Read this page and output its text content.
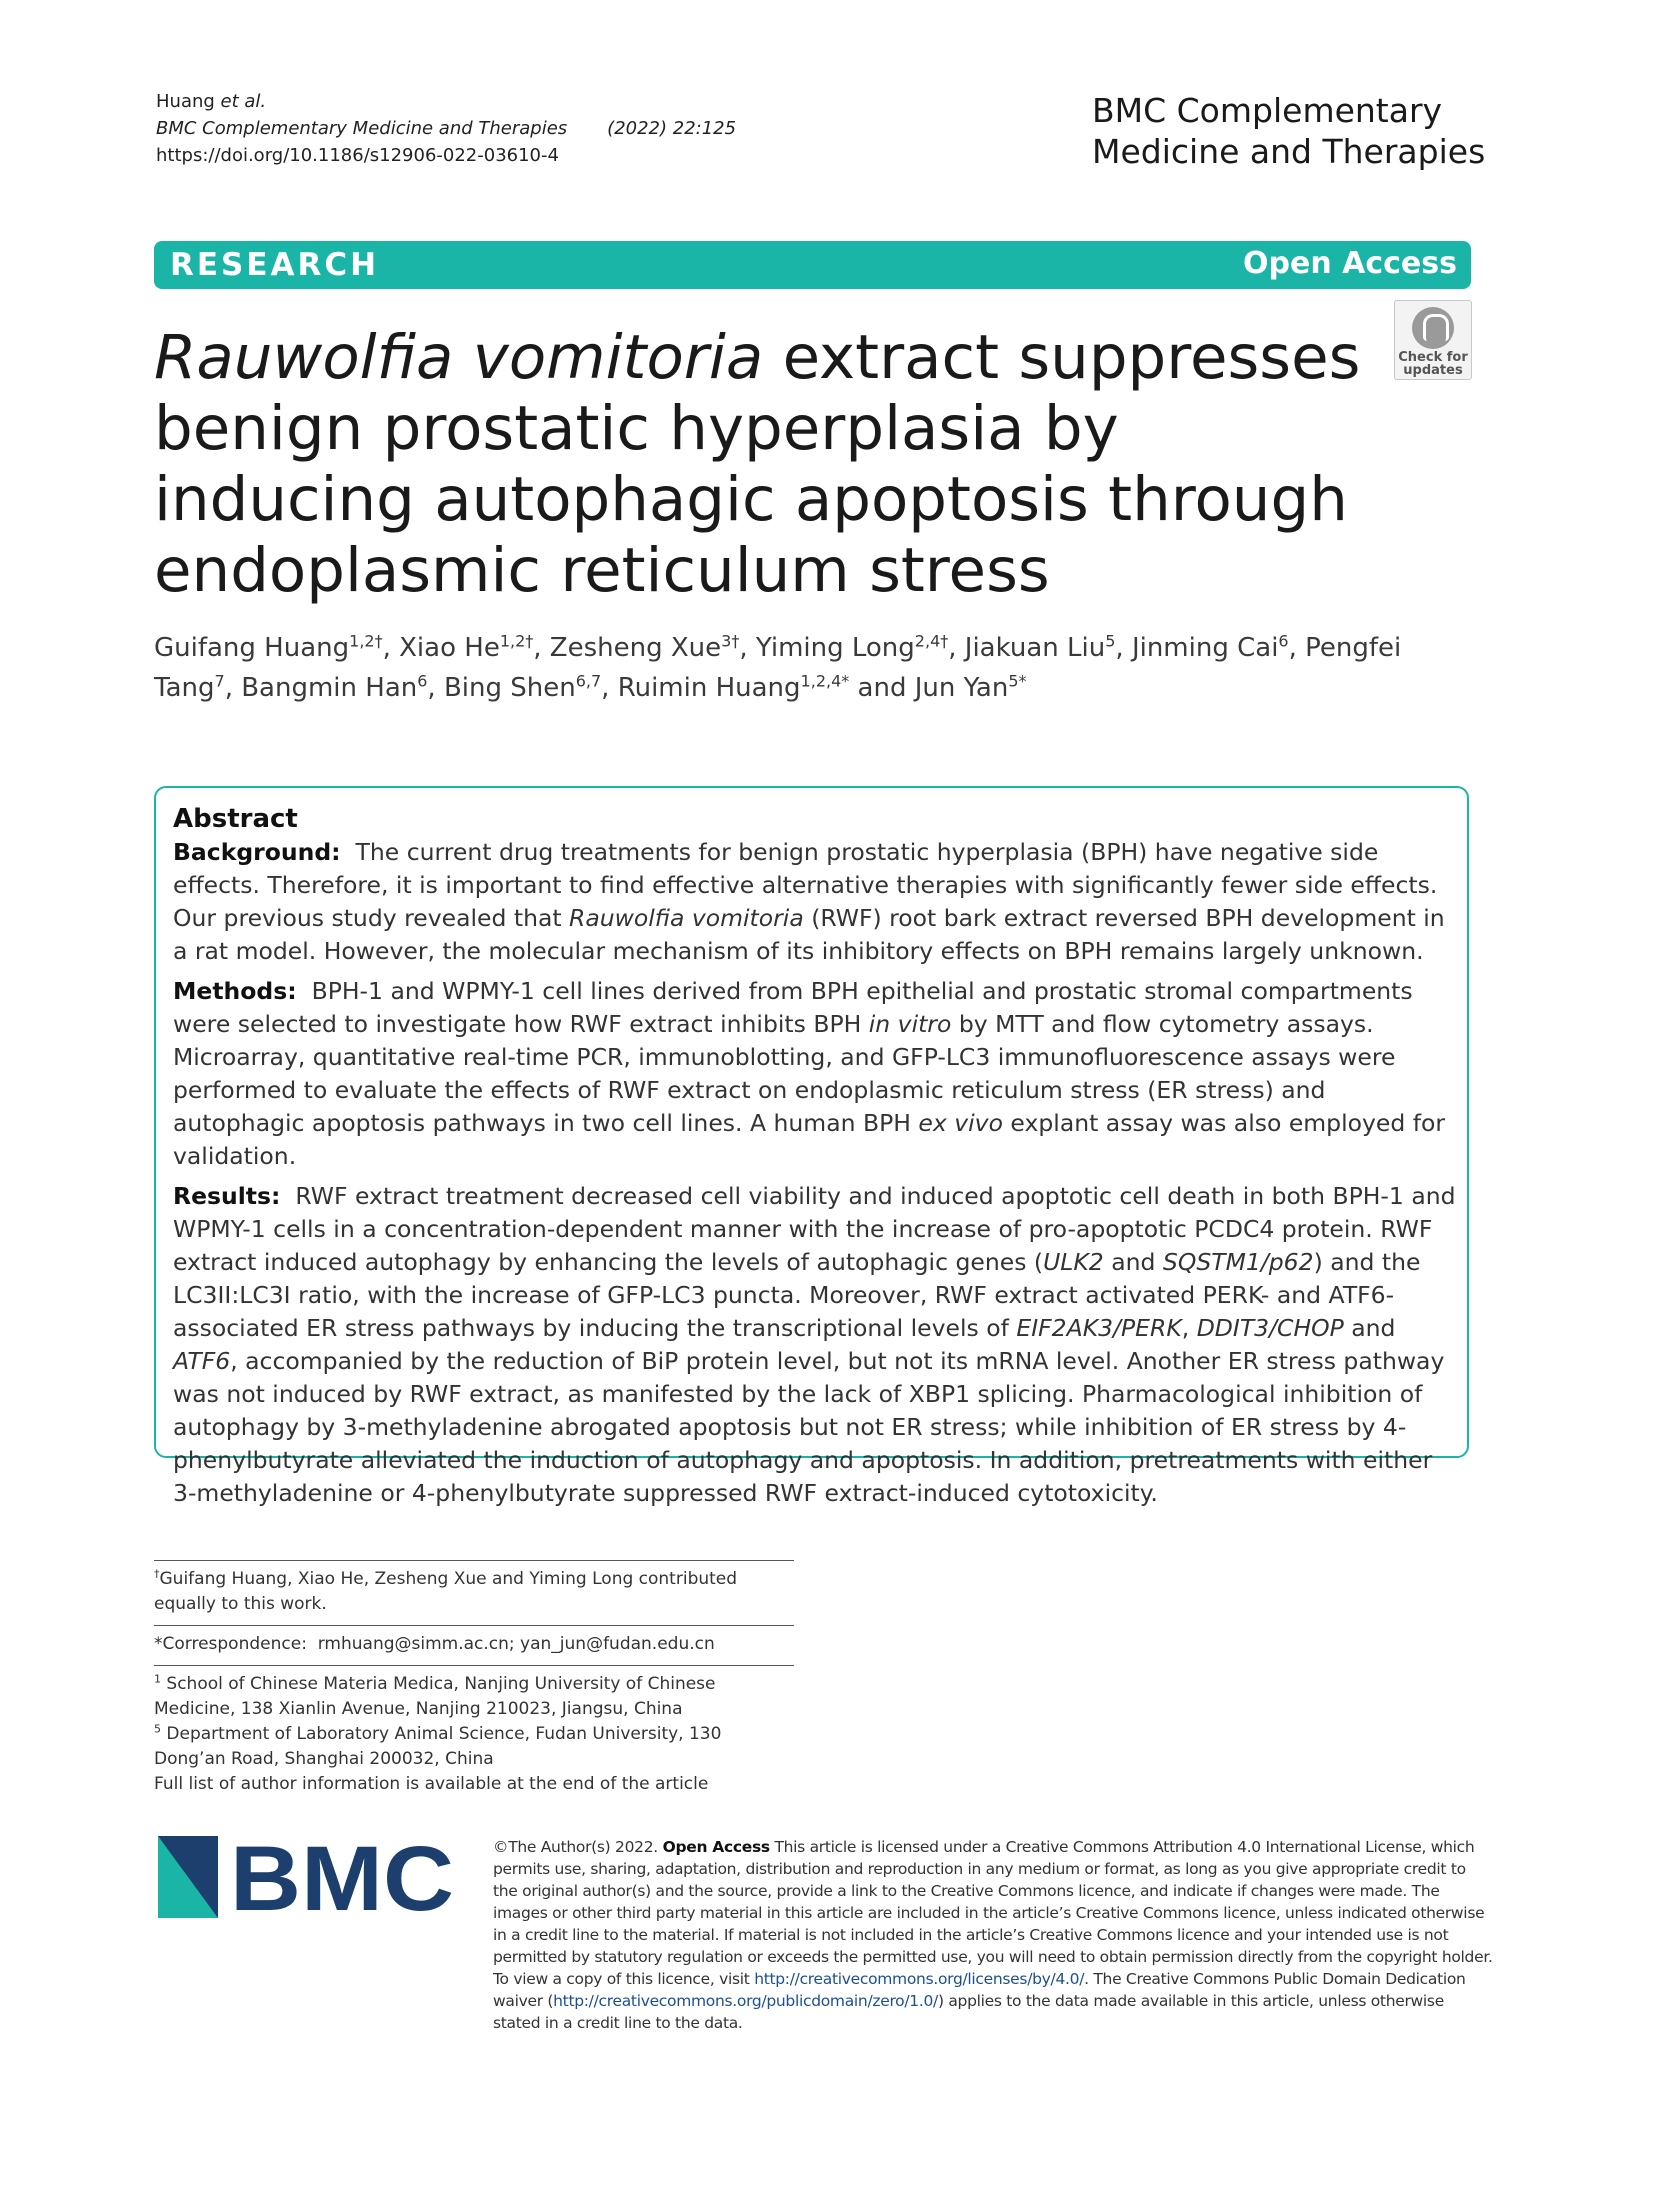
Huang et al.
BMC Complementary Medicine and Therapies (2022) 22:125
https://doi.org/10.1186/s12906-022-03610-4
BMC Complementary
Medicine and Therapies
RESEARCH	Open Access
Check for
updates
Rauwolfia vomitoria extract suppresses benign prostatic hyperplasia by inducing autophagic apoptosis through endoplasmic reticulum stress
Guifang Huang$^{1,2\dagger}$, Xiao $He^{1,2\dagger}$, Zesheng Xue$^{3\dagger}$, Yiming Long$^{2,4\dagger}$, Jiakuan Liu$^5$, Jinming Cai$^6$, Pengfei Tang$^7$, Bangmin Han$^6$, Bing Shen$^{6,7}$, Ruimin Huang$^{1,2,4*}$ and Jun Yan$^{5*}$
Abstract

Background: The current drug treatments for benign prostatic hyperplasia (BPH) have negative side effects. Therefore, it is important to find effective alternative therapies with significantly fewer side effects. Our previous study revealed that Rauwolfia vomitoria (RWF) root bark extract reversed BPH development in a rat model. However, the molecular mechanism of its inhibitory effects on BPH remains largely unknown.

Methods: BPH-1 and WPMY-1 cell lines derived from BPH epithelial and prostatic stromal compartments were selected to investigate how RWF extract inhibits BPH in vitro by MTT and flow cytometry assays. Microarray, quantitative real-time PCR, immunoblotting, and GFP-LC3 immunofluorescence assays were performed to evaluate the effects of RWF extract on endoplasmic reticulum stress (ER stress) and autophagic apoptosis pathways in two cell lines. A human BPH ex vivo explant assay was also employed for validation.

Results: RWF extract treatment decreased cell viability and induced apoptotic cell death in both BPH-1 and WPMY-1 cells in a concentration-dependent manner with the increase of pro-apoptotic PCDC4 protein. RWF extract induced autophagy by enhancing the levels of autophagic genes (ULK2 and SQSTM1/p62) and the LC3II:LC3I ratio, with the increase of GFP-LC3 puncta. Moreover, RWF extract activated PERK- and ATF6-associated ER stress pathways by inducing the transcriptional levels of EIF2AK3/PERK, DDIT3/CHOP and ATF6, accompanied by the reduction of BiP protein level, but not its mRNA level. Another ER stress pathway was not induced by RWF extract, as manifested by the lack of XBP1 splicing. Pharmacological inhibition of autophagy by 3-methyladenine abrogated apoptosis but not ER stress; while inhibition of ER stress by 4-phenylbutyrate alleviated the induction of autophagy and apoptosis. In addition, pretreatments with either 3-methyladenine or 4-phenylbutyrate suppressed RWF extract-induced cytotoxicity.

†Guifang Huang, Xiao He, Zesheng Xue and Yiming Long contributed equally to this work.
*Correspondence: rmhuang@simm.ac.cn; yan_jun@fudan.edu.cn
$^1$ School of Chinese Materia Medica, Nanjing University of Chinese Medicine, 138 Xianlin Avenue, Nanjing 210023, Jiangsu, China
$^5$ Department of Laboratory Animal Science, Fudan University, 130 Dong’an Road, Shanghai 200032, China
Full list of author information is available at the end of the article
BMC	©The Author(s) 2022. Open Access This article is licensed under a Creative Commons Attribution 4.0 International License, which permits use, sharing, adaptation, distribution and reproduction in any medium or format, as long as you give appropriate credit to the original author(s) and the source, provide a link to the Creative Commons licence, and indicate if changes were made. The images or other third party material in this article are included in the article’s Creative Commons licence, unless indicated otherwise in a credit line to the material. If material is not included in the article’s Creative Commons licence and your intended use is not permitted by statutory regulation or exceeds the permitted use, you will need to obtain permission directly from the copyright holder. To view a copy of this licence, visit http://creativecommons.org/licenses/by/4.0/. The Creative Commons Public Domain Dedication waiver (http://creativecommons.org/publicdomain/zero/1.0/) applies to the data made available in this article, unless otherwise stated in a credit line to the data.
